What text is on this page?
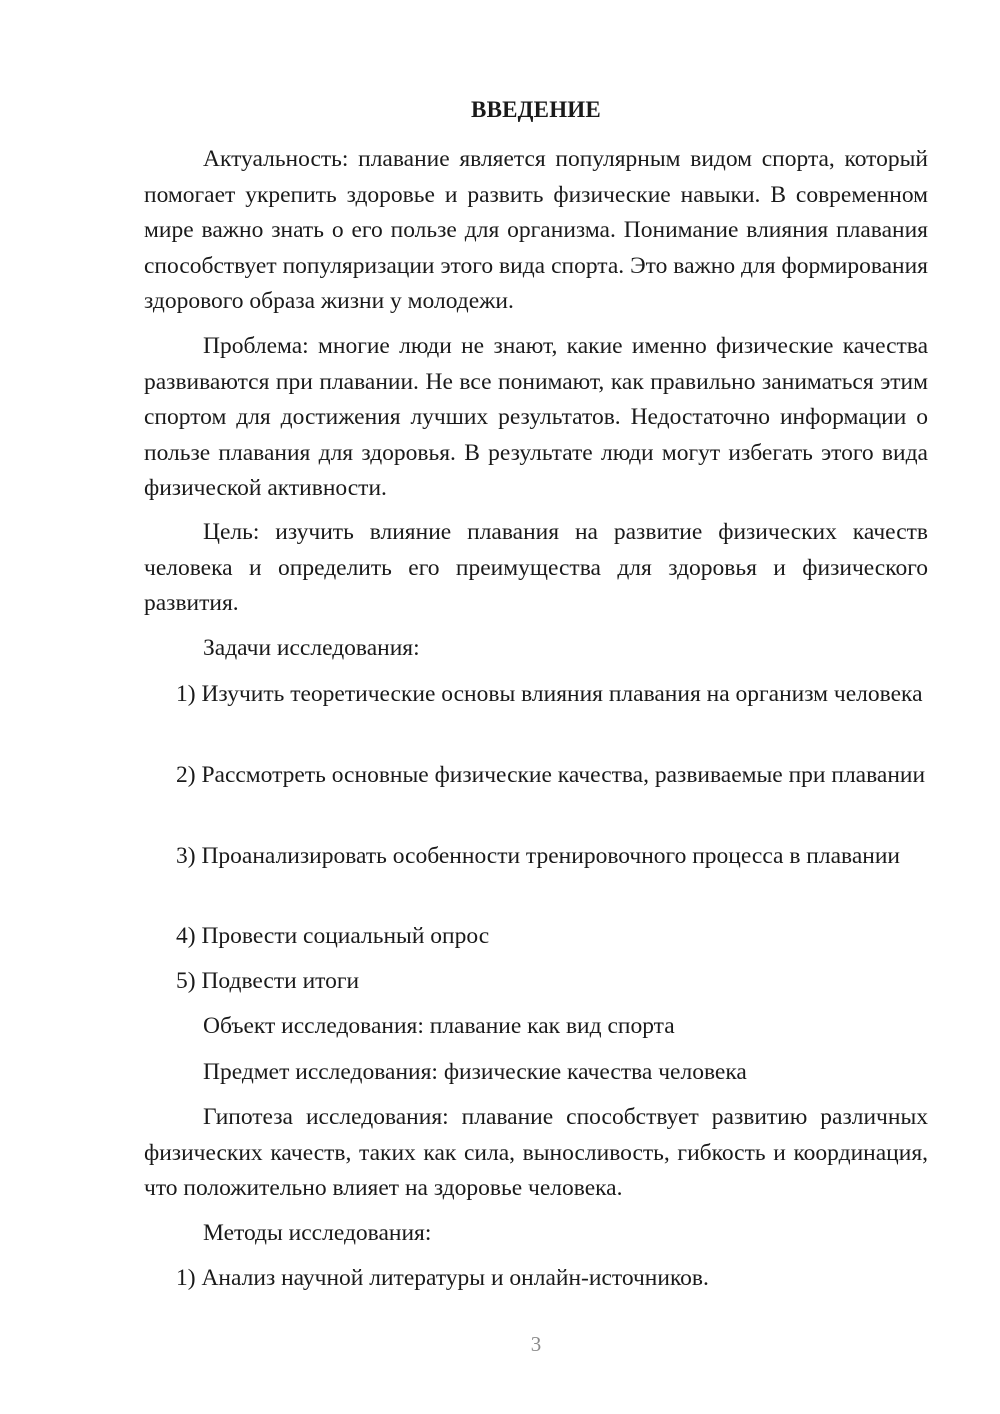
ВВЕДЕНИЕ

Актуальность: плавание является популярным видом спорта, который помогает укрепить здоровье и развить физические навыки. В современном мире важно знать о его пользе для организма. Понимание влияния плавания способствует популяризации этого вида спорта. Это важно для формирования здорового образа жизни у молодежи.

Проблема: многие люди не знают, какие именно физические качества развиваются при плавании. Не все понимают, как правильно заниматься этим спортом для достижения лучших результатов. Недостаточно информации о пользе плавания для здоровья. В результате люди могут избегать этого вида физической активности.

Цель: изучить влияние плавания на развитие физических качеств человека и определить его преимущества для здоровья и физического развития.

Задачи исследования:

1) Изучить теоретические основы влияния плавания на организм человека

2) Рассмотреть основные физические качества, развиваемые при плавании

3) Проанализировать особенности тренировочного процесса в плавании

4) Провести социальный опрос

5) Подвести итоги

Объект исследования: плавание как вид спорта

Предмет исследования: физические качества человека

Гипотеза исследования: плавание способствует развитию различных физических качеств, таких как сила, выносливость, гибкость и координация, что положительно влияет на здоровье человека.

Методы исследования:

1) Анализ научной литературы и онлайн-источников.

3
